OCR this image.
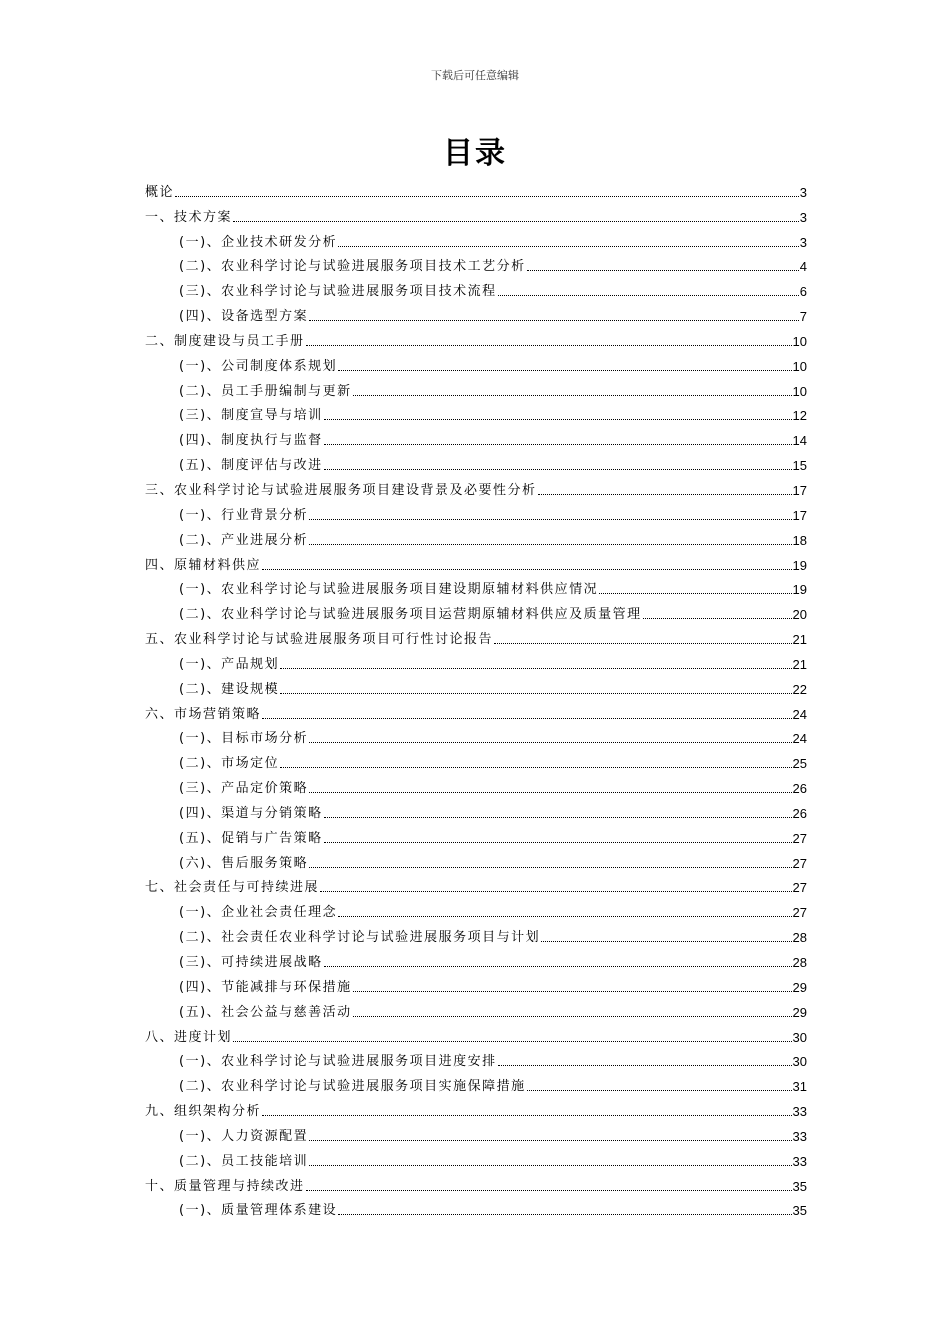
下载后可任意编辑
目录
概论	3
一、技术方案	3
(一)、企业技术研发分析	3
(二)、农业科学讨论与试验进展服务项目技术工艺分析	4
(三)、农业科学讨论与试验进展服务项目技术流程	6
(四)、设备选型方案	7
二、制度建设与员工手册	10
(一)、公司制度体系规划	10
(二)、员工手册编制与更新	10
(三)、制度宣导与培训	12
(四)、制度执行与监督	14
(五)、制度评估与改进	15
三、农业科学讨论与试验进展服务项目建设背景及必要性分析	17
(一)、行业背景分析	17
(二)、产业进展分析	18
四、原辅材料供应	19
(一)、农业科学讨论与试验进展服务项目建设期原辅材料供应情况	19
(二)、农业科学讨论与试验进展服务项目运营期原辅材料供应及质量管理	20
五、农业科学讨论与试验进展服务项目可行性讨论报告	21
(一)、产品规划	21
(二)、建设规模	22
六、市场营销策略	24
(一)、目标市场分析	24
(二)、市场定位	25
(三)、产品定价策略	26
(四)、渠道与分销策略	26
(五)、促销与广告策略	27
(六)、售后服务策略	27
七、社会责任与可持续进展	27
(一)、企业社会责任理念	27
(二)、社会责任农业科学讨论与试验进展服务项目与计划	28
(三)、可持续进展战略	28
(四)、节能减排与环保措施	29
(五)、社会公益与慈善活动	29
八、进度计划	30
(一)、农业科学讨论与试验进展服务项目进度安排	30
(二)、农业科学讨论与试验进展服务项目实施保障措施	31
九、组织架构分析	33
(一)、人力资源配置	33
(二)、员工技能培训	33
十、质量管理与持续改进	35
(一)、质量管理体系建设	35
